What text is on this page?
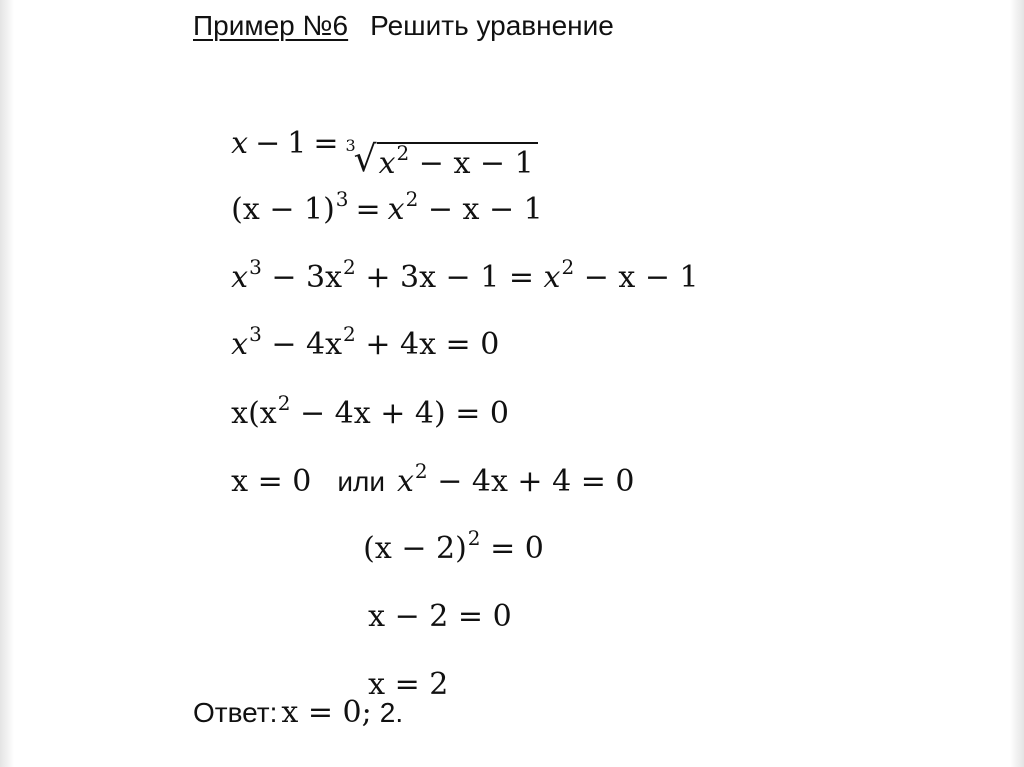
Пример №6 Решить уравнение

x − 1 = 3
√ $x^2 - x - 1$

$(x - 1)^3 = x^2 - x - 1$

$x^3 - 3x^2 + 3x - 1 = x^2 - x - 1$

$x^3 - 4x^2 + 4x = 0$

$x(x^2 - 4x + 4) = 0$

x = 0 или $x^2 - 4x + 4 = 0$

$(x - 2)^2 = 0$

x − 2 = 0

x = 2

Ответ: x = 0; 2.
